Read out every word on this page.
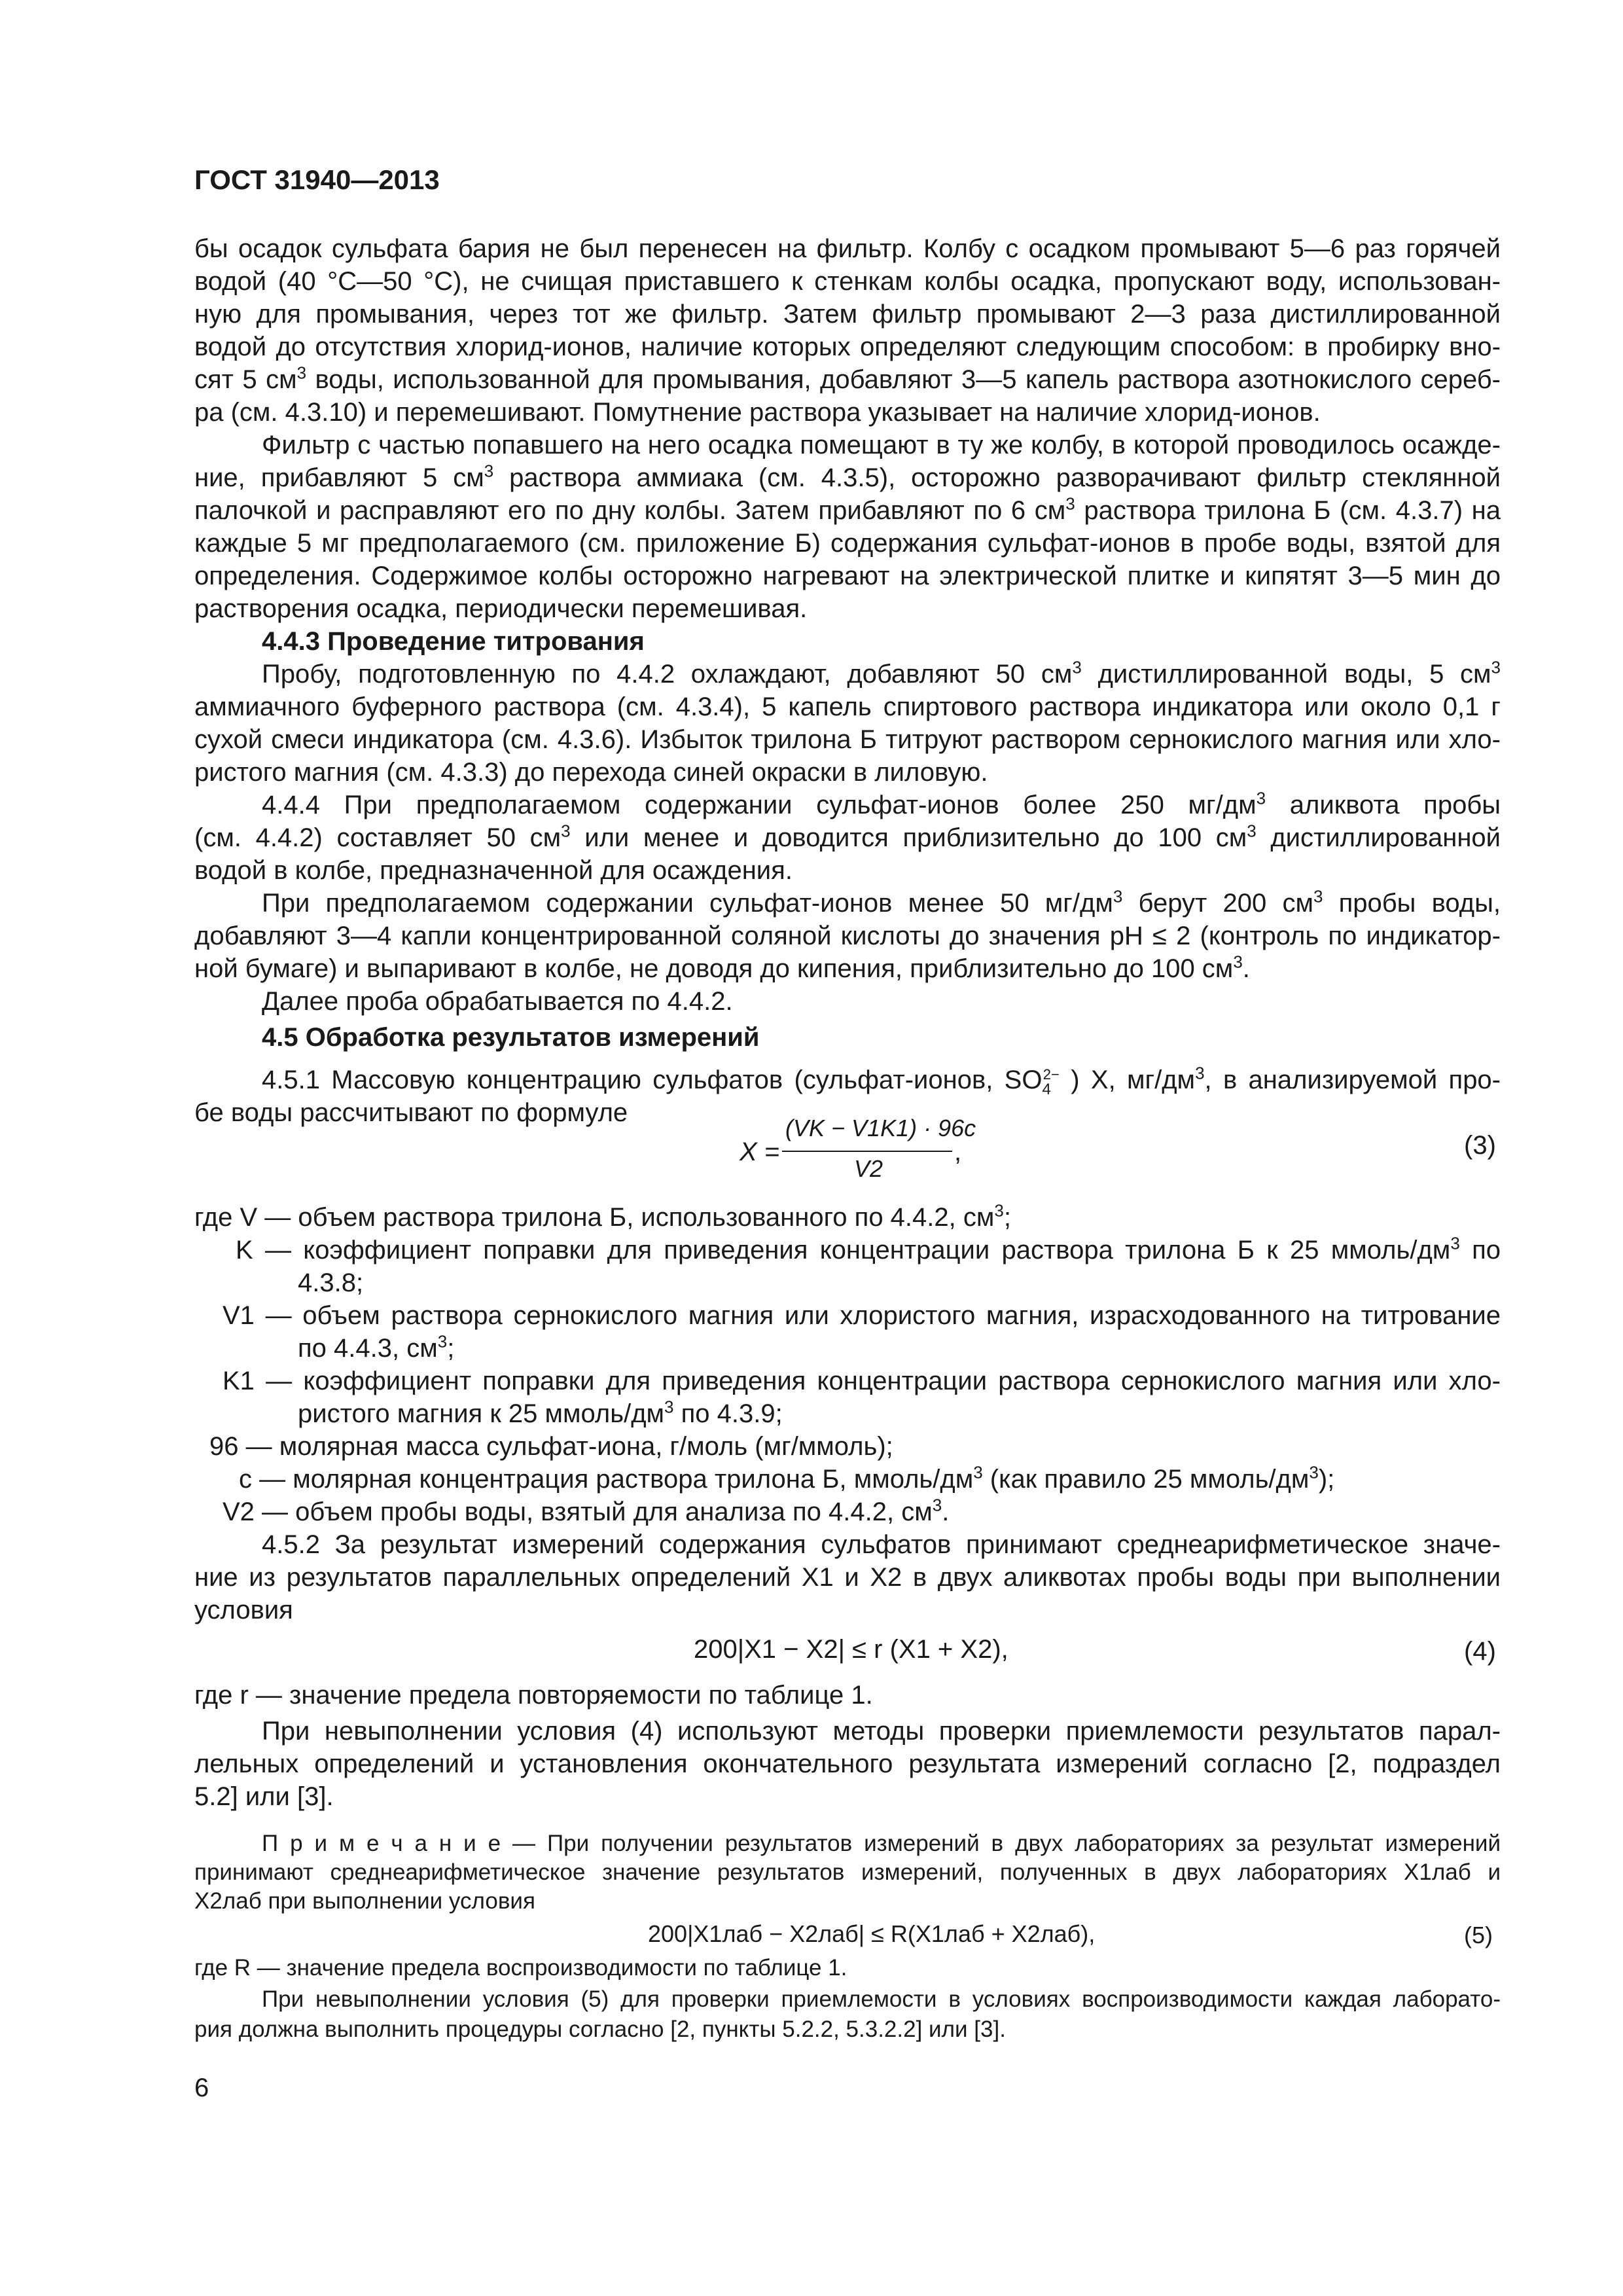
ГОСТ 31940—2013
бы осадок сульфата бария не был перенесен на фильтр. Колбу с осадком промывают 5—6 раз горячей
водой (40 °С—50 °С), не счищая приставшего к стенкам колбы осадка, пропускают воду, использован-
ную для промывания, через тот же фильтр. Затем фильтр промывают 2—3 раза дистиллированной
водой до отсутствия хлорид-ионов, наличие которых определяют следующим способом: в пробирку вно-
сят 5 $см^3$ воды, использованной для промывания, добавляют 3—5 капель раствора азотнокислого сереб-
ра (см. 4.3.10) и перемешивают. Помутнение раствора указывает на наличие хлорид-ионов.
Фильтр с частью попавшего на него осадка помещают в ту же колбу, в которой проводилось осажде-
ние, прибавляют 5 $см^3$ раствора аммиака (см. 4.3.5), осторожно разворачивают фильтр стеклянной
палочкой и расправляют его по дну колбы. Затем прибавляют по 6 $см^3$ раствора трилона Б (см. 4.3.7) на
каждые 5 мг предполагаемого (см. приложение Б) содержания сульфат-ионов в пробе воды, взятой для
определения. Содержимое колбы осторожно нагревают на электрической плитке и кипятят 3—5 мин до
растворения осадка, периодически перемешивая.
4.4.3 Проведение титрования
Пробу, подготовленную по 4.4.2 охлаждают, добавляют 50 $см^3$ дистиллированной воды, 5 $см^3$
аммиачного буферного раствора (см. 4.3.4), 5 капель спиртового раствора индикатора или около 0,1 г
сухой смеси индикатора (см. 4.3.6). Избыток трилона Б титруют раствором сернокислого магния или хло-
ристого магния (см. 4.3.3) до перехода синей окраски в лиловую.
4.4.4 При предполагаемом содержании сульфат-ионов более 250 $мг/дм^3$ аликвота пробы
(см. 4.4.2) составляет 50 $см^3$ или менее и доводится приблизительно до 100 $см^3$ дистиллированной
водой в колбе, предназначенной для осаждения.
При предполагаемом содержании сульфат-ионов менее 50 $мг/дм^3$ берут 200 $см^3$ пробы воды,
добавляют 3—4 капли концентрированной соляной кислоты до значения рН ≤ 2 (контроль по индикатор-
ной бумаге) и выпаривают в колбе, не доводя до кипения, приблизительно до 100 $см^3$.
Далее проба обрабатывается по 4.4.2.
4.5 Обработка результатов измерений
4.5.1 Массовую концентрацию сульфатов (сульфат-ионов, $SO_4^{2-}$ ) X, $мг/дм^3$, в анализируемой про-
бе воды рассчитывают по формуле
X =
(VK − V1K1) · 96c
V2
,	(3)
где V — объем раствора трилона Б, использованного по 4.4.2, $см^3$;
K — коэффициент поправки для приведения концентрации раствора трилона Б к 25 ммоль/$дм^3$ по
4.3.8;
V1 — объем раствора сернокислого магния или хлористого магния, израсходованного на титрование
по 4.4.3, $см^3$;
K1 — коэффициент поправки для приведения концентрации раствора сернокислого магния или хло-
ристого магния к 25 ммоль/$дм^3$ по 4.3.9;
96 — молярная масса сульфат-иона, г/моль (мг/ммоль);
c — молярная концентрация раствора трилона Б, ммоль/$дм^3$ (как правило 25 ммоль/$дм^3$);
V2 — объем пробы воды, взятый для анализа по 4.4.2, $см^3$.
4.5.2 За результат измерений содержания сульфатов принимают среднеарифметическое значе-
ние из результатов параллельных определений X1 и X2 в двух аликвотах пробы воды при выполнении
условия
200|X1 − X2| ≤ r (X1 + X2),	(4)
где r — значение предела повторяемости по таблице 1.
При невыполнении условия (4) используют методы проверки приемлемости результатов парал-
лельных определений и установления окончательного результата измерений согласно [2, подраздел
5.2] или [3].
П р и м е ч а н и е — При получении результатов измерений в двух лабораториях за результат измерений
принимают среднеарифметическое значение результатов измерений, полученных в двух лабораториях X1лаб и
X2лаб при выполнении условия
200|X1лаб − X2лаб| ≤ R(X1лаб + X2лаб),	(5)
где R — значение предела воспроизводимости по таблице 1.
При невыполнении условия (5) для проверки приемлемости в условиях воспроизводимости каждая лаборато-
рия должна выполнить процедуры согласно [2, пункты 5.2.2, 5.3.2.2] или [3].
6
